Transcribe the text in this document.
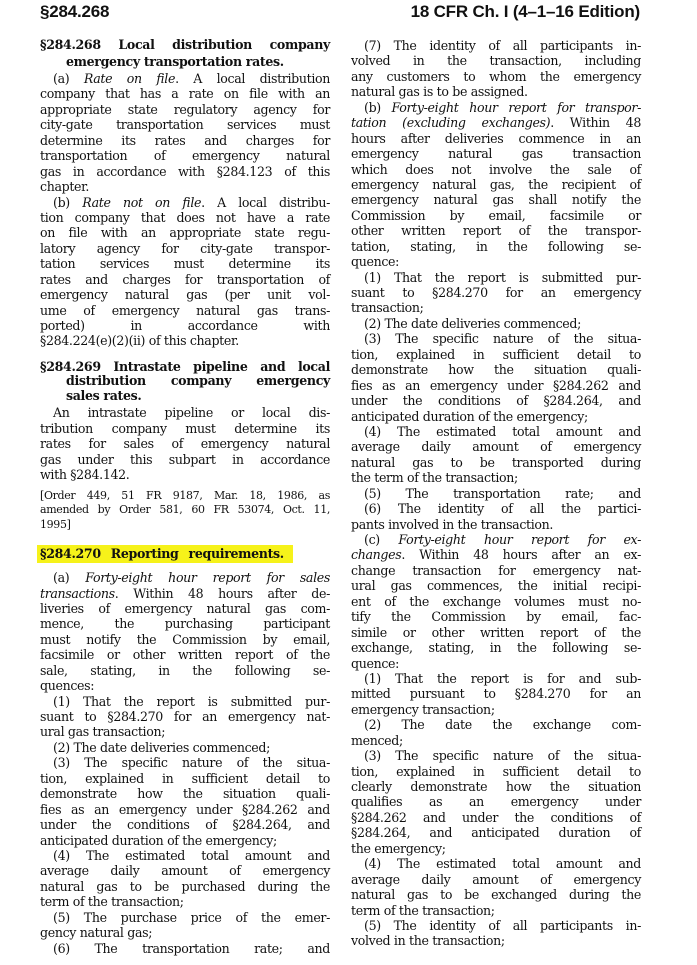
§284.268	18 CFR Ch. I (4–1–16 Edition)
§284.268 Local distribution company
emergency transportation rates.
(a) Rate on file. A local distribution
company that has a rate on file with an
appropriate state regulatory agency for
city-gate transportation services must
determine its rates and charges for
transportation of emergency natural
gas in accordance with §284.123 of this
chapter.
(b) Rate not on file. A local distribu-
tion company that does not have a rate
on file with an appropriate state regu-
latory agency for city-gate transpor-
tation services must determine its
rates and charges for transportation of
emergency natural gas (per unit vol-
ume of emergency natural gas trans-
ported) in accordance with
§284.224(e)(2)(ii) of this chapter.
§284.269 Intrastate pipeline and local
distribution company emergency
sales rates.
An intrastate pipeline or local dis-
tribution company must determine its
rates for sales of emergency natural
gas under this subpart in accordance
with §284.142.
[Order 449, 51 FR 9187, Mar. 18, 1986, as
amended by Order 581, 60 FR 53074, Oct. 11,
1995]
§284.270 Reporting requirements.
(a) Forty-eight hour report for sales
transactions. Within 48 hours after de-
liveries of emergency natural gas com-
mence, the purchasing participant
must notify the Commission by email,
facsimile or other written report of the
sale, stating, in the following se-
quences:
(1) That the report is submitted pur-
suant to §284.270 for an emergency nat-
ural gas transaction;
(2) The date deliveries commenced;
(3) The specific nature of the situa-
tion, explained in sufficient detail to
demonstrate how the situation quali-
fies as an emergency under §284.262 and
under the conditions of §284.264, and
anticipated duration of the emergency;
(4) The estimated total amount and
average daily amount of emergency
natural gas to be purchased during the
term of the transaction;
(5) The purchase price of the emer-
gency natural gas;
(6) The transportation rate; and
(7) The identity of all participants in-
volved in the transaction, including
any customers to whom the emergency
natural gas is to be assigned.
(b) Forty-eight hour report for transpor-
tation (excluding exchanges). Within 48
hours after deliveries commence in an
emergency natural gas transaction
which does not involve the sale of
emergency natural gas, the recipient of
emergency natural gas shall notify the
Commission by email, facsimile or
other written report of the transpor-
tation, stating, in the following se-
quence:
(1) That the report is submitted pur-
suant to §284.270 for an emergency
transaction;
(2) The date deliveries commenced;
(3) The specific nature of the situa-
tion, explained in sufficient detail to
demonstrate how the situation quali-
fies as an emergency under §284.262 and
under the conditions of §284.264, and
anticipated duration of the emergency;
(4) The estimated total amount and
average daily amount of emergency
natural gas to be transported during
the term of the transaction;
(5) The transportation rate; and
(6) The identity of all the partici-
pants involved in the transaction.
(c) Forty-eight hour report for ex-
changes. Within 48 hours after an ex-
change transaction for emergency nat-
ural gas commences, the initial recipi-
ent of the exchange volumes must no-
tify the Commission by email, fac-
simile or other written report of the
exchange, stating, in the following se-
quence:
(1) That the report is for and sub-
mitted pursuant to §284.270 for an
emergency transaction;
(2) The date the exchange com-
menced;
(3) The specific nature of the situa-
tion, explained in sufficient detail to
clearly demonstrate how the situation
qualifies as an emergency under
§284.262 and under the conditions of
§284.264, and anticipated duration of
the emergency;
(4) The estimated total amount and
average daily amount of emergency
natural gas to be exchanged during the
term of the transaction;
(5) The identity of all participants in-
volved in the transaction;
